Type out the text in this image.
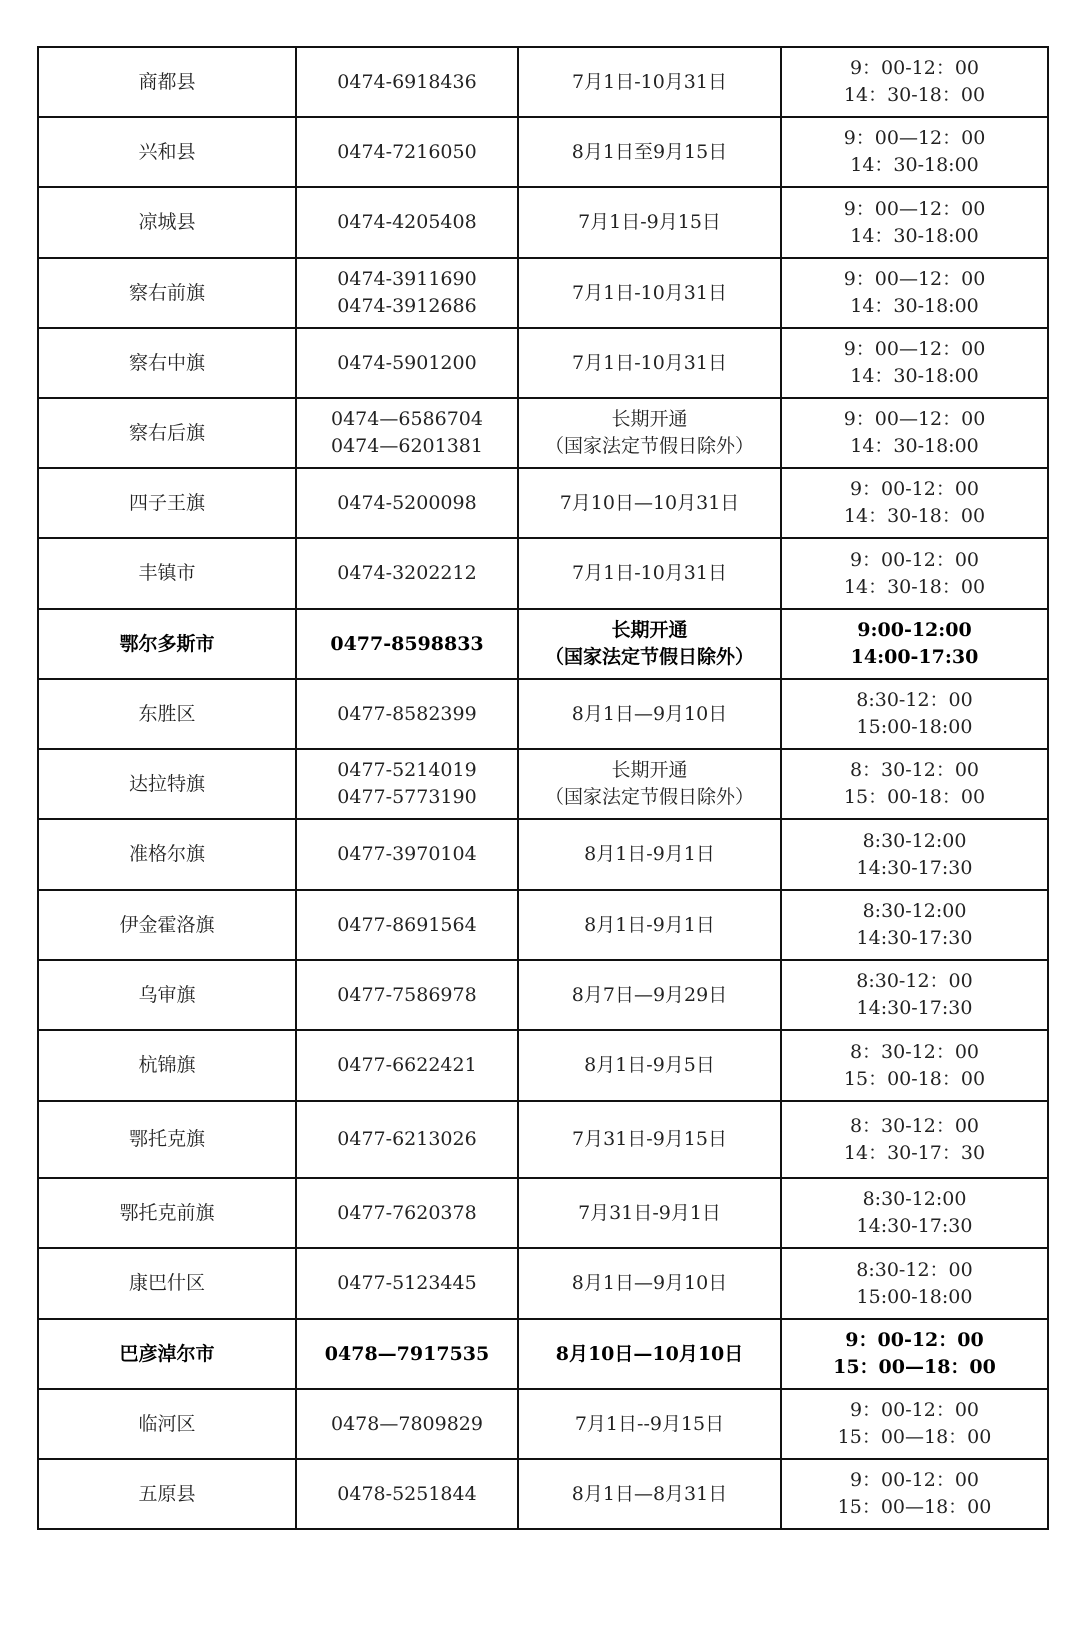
商都县	0474-6918436	7月1日-10月31日	9：00-12：00
14：30-18：00

兴和县	0474-7216050	8月1日至9月15日	9：00—12：00
14：30-18:00

凉城县	0474-4205408	7月1日-9月15日	9：00—12：00
14：30-18:00

察右前旗	0474-3911690
0474-3912686	7月1日-10月31日	9：00—12：00
14：30-18:00

察右中旗	0474-5901200	7月1日-10月31日	9：00—12：00
14：30-18:00

察右后旗	0474—6586704
0474—6201381	长期开通
（国家法定节假日除外）	9：00—12：00
14：30-18:00

四子王旗	0474-5200098	7月10日—10月31日	9：00-12：00
14：30-18：00

丰镇市	0474-3202212	7月1日-10月31日	9：00-12：00
14：30-18：00

鄂尔多斯市	0477-8598833	长期开通
（国家法定节假日除外）	9:00-12:00
14:00-17:30

东胜区	0477-8582399	8月1日—9月10日	8:30-12：00
15:00-18:00

达拉特旗	0477-5214019
0477-5773190	长期开通
（国家法定节假日除外）	8：30-12：00
15：00-18：00

准格尔旗	0477-3970104	8月1日-9月1日	8:30-12:00
14:30-17:30

伊金霍洛旗	0477-8691564	8月1日-9月1日	8:30-12:00
14:30-17:30

乌审旗	0477-7586978	8月7日—9月29日	8:30-12：00
14:30-17:30

杭锦旗	0477-6622421	8月1日-9月5日	8：30-12：00
15：00-18：00

鄂托克旗	0477-6213026	7月31日-9月15日	8：30-12：00
14：30-17：30

鄂托克前旗	0477-7620378	7月31日-9月1日	8:30-12:00
14:30-17:30

康巴什区	0477-5123445	8月1日—9月10日	8:30-12：00
15:00-18:00

巴彦淖尔市	0478—7917535	8月10日—10月10日	9：00-12：00
15：00—18：00

临河区	0478—7809829	7月1日--9月15日	9：00-12：00
15：00—18：00

五原县	0478-5251844	8月1日—8月31日	9：00-12：00
15：00—18：00
